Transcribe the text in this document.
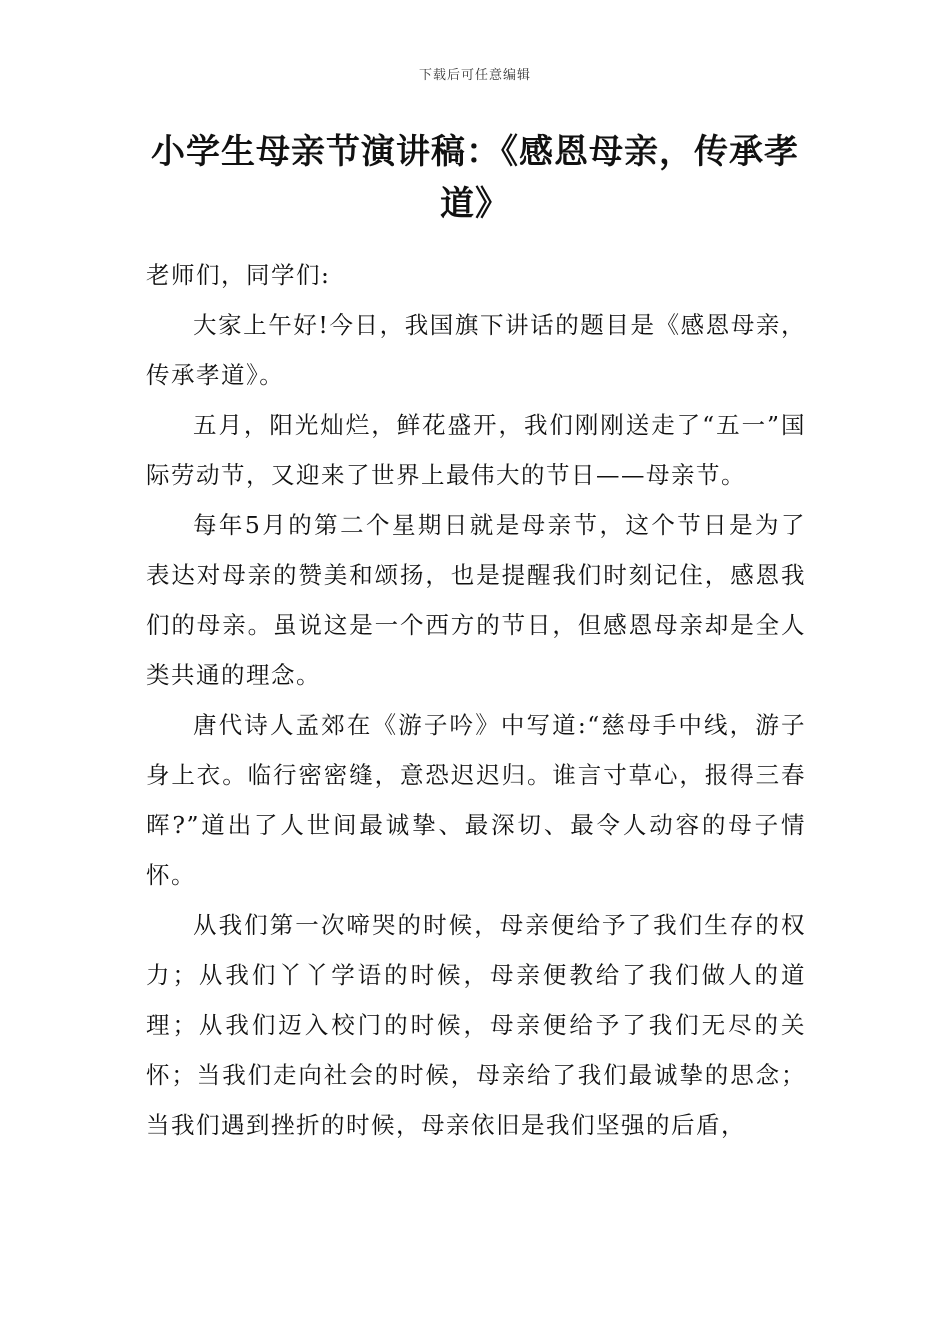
下载后可任意编辑
小学生母亲节演讲稿：《感恩母亲，传承孝道》

老师们，同学们:

大家上午好!今日，我国旗下讲话的题目是《感恩母亲，传承孝道》。

五月，阳光灿烂，鲜花盛开，我们刚刚送走了“五一”国际劳动节，又迎来了世界上最伟大的节日——母亲节。

每年5月的第二个星期日就是母亲节，这个节日是为了表达对母亲的赞美和颂扬，也是提醒我们时刻记住，感恩我们的母亲。虽说这是一个西方的节日，但感恩母亲却是全人类共通的理念。

唐代诗人孟郊在《游子吟》中写道:“慈母手中线，游子身上衣。临行密密缝，意恐迟迟归。谁言寸草心，报得三春晖?”道出了人世间最诚挚、最深切、最令人动容的母子情怀。

从我们第一次啼哭的时候，母亲便给予了我们生存的权力；从我们丫丫学语的时候，母亲便教给了我们做人的道理；从我们迈入校门的时候，母亲便给予了我们无尽的关怀；当我们走向社会的时候，母亲给了我们最诚挚的思念；当我们遇到挫折的时候，母亲依旧是我们坚强的后盾，
